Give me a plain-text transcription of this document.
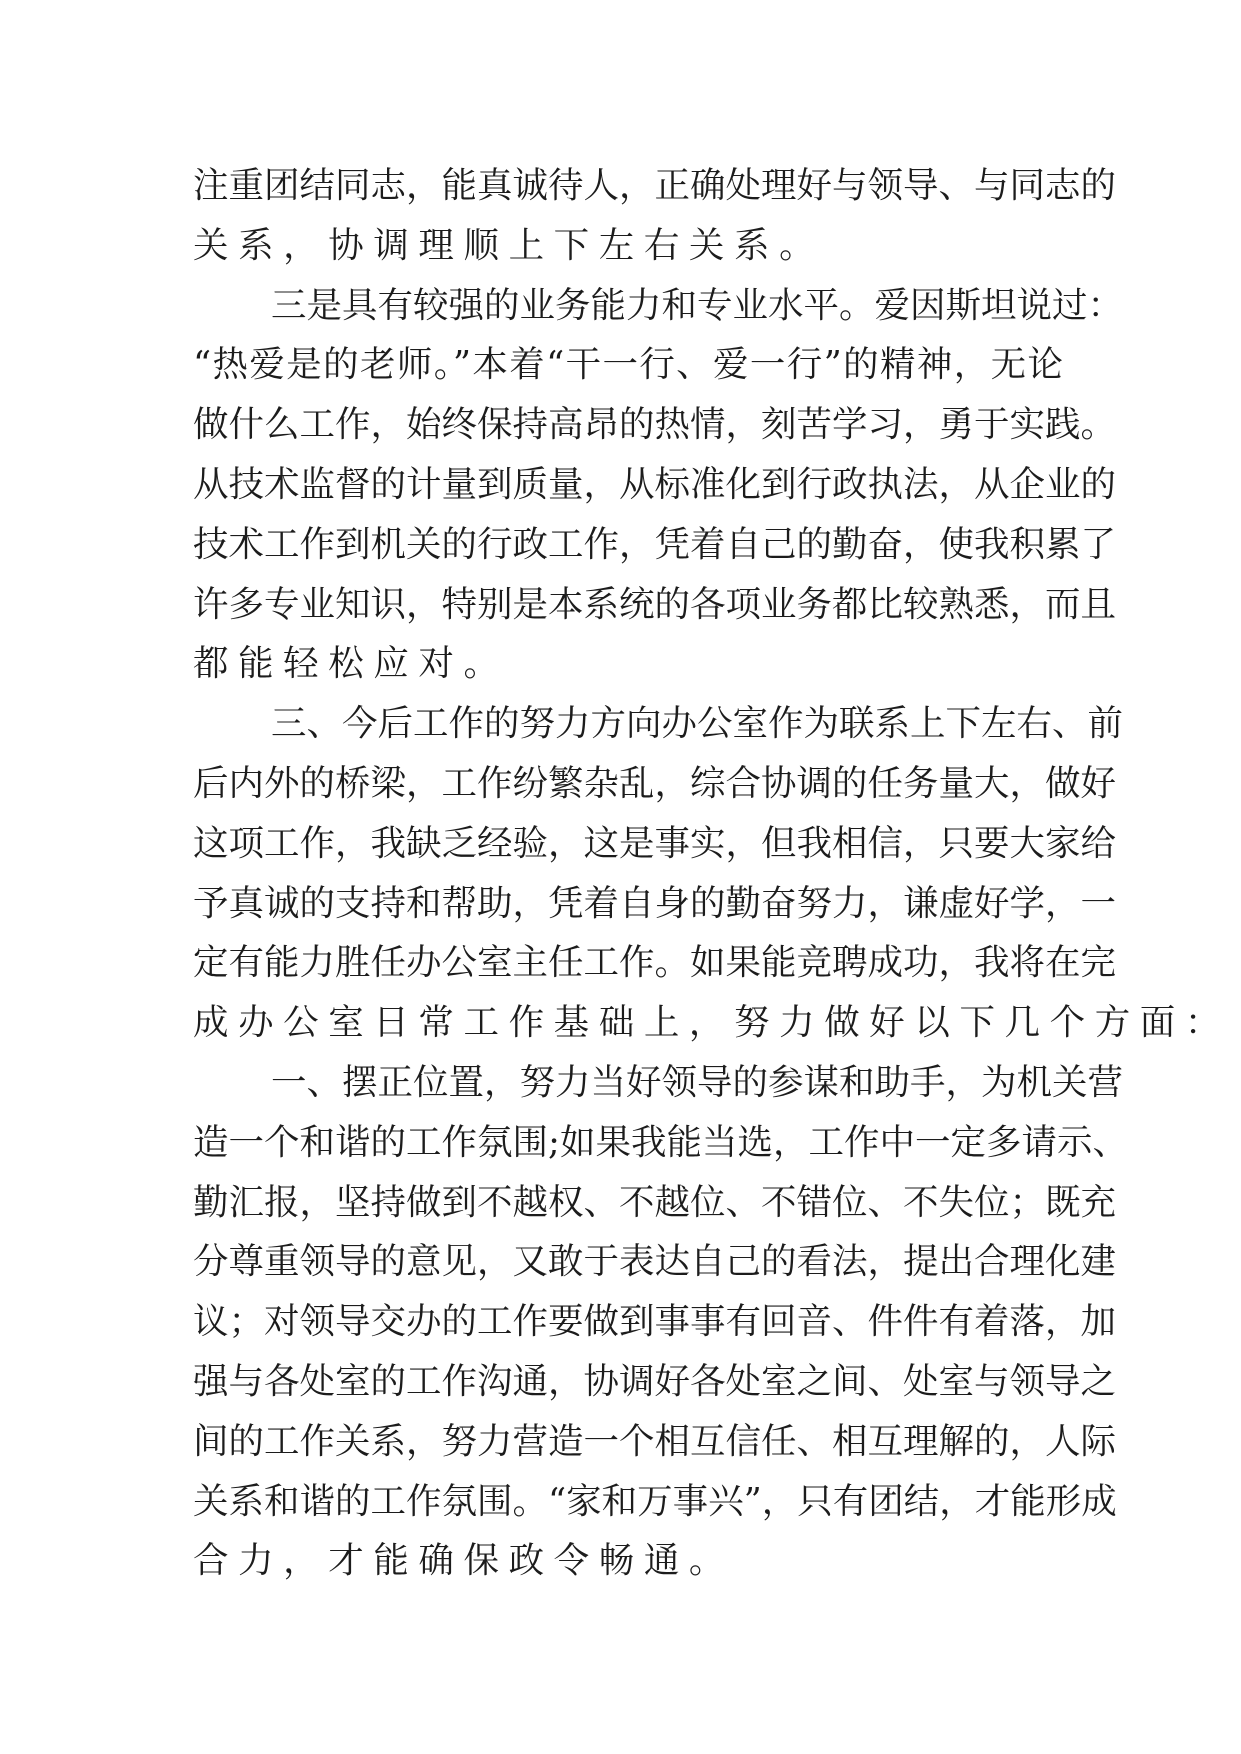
注重团结同志，能真诚待人，正确处理好与领导、与同志的
关系，协调理顺上下左右关系。
三是具有较强的业务能力和专业水平。爱因斯坦说过：
“热爱是的老师。”本着“干一行、爱一行”的精神，无论
做什么工作，始终保持高昂的热情，刻苦学习，勇于实践。
从技术监督的计量到质量，从标准化到行政执法，从企业的
技术工作到机关的行政工作，凭着自己的勤奋，使我积累了
许多专业知识，特别是本系统的各项业务都比较熟悉，而且
都能轻松应对。
三、今后工作的努力方向办公室作为联系上下左右、前
后内外的桥梁，工作纷繁杂乱，综合协调的任务量大，做好
这项工作，我缺乏经验，这是事实，但我相信，只要大家给
予真诚的支持和帮助，凭着自身的勤奋努力，谦虚好学，一
定有能力胜任办公室主任工作。如果能竞聘成功，我将在完
成办公室日常工作基础上，努力做好以下几个方面：
一、摆正位置，努力当好领导的参谋和助手，为机关营
造一个和谐的工作氛围;如果我能当选，工作中一定多请示、
勤汇报，坚持做到不越权、不越位、不错位、不失位；既充
分尊重领导的意见，又敢于表达自己的看法，提出合理化建
议；对领导交办的工作要做到事事有回音、件件有着落，加
强与各处室的工作沟通，协调好各处室之间、处室与领导之
间的工作关系，努力营造一个相互信任、相互理解的，人际
关系和谐的工作氛围。“家和万事兴”，只有团结，才能形成
合力，才能确保政令畅通。
